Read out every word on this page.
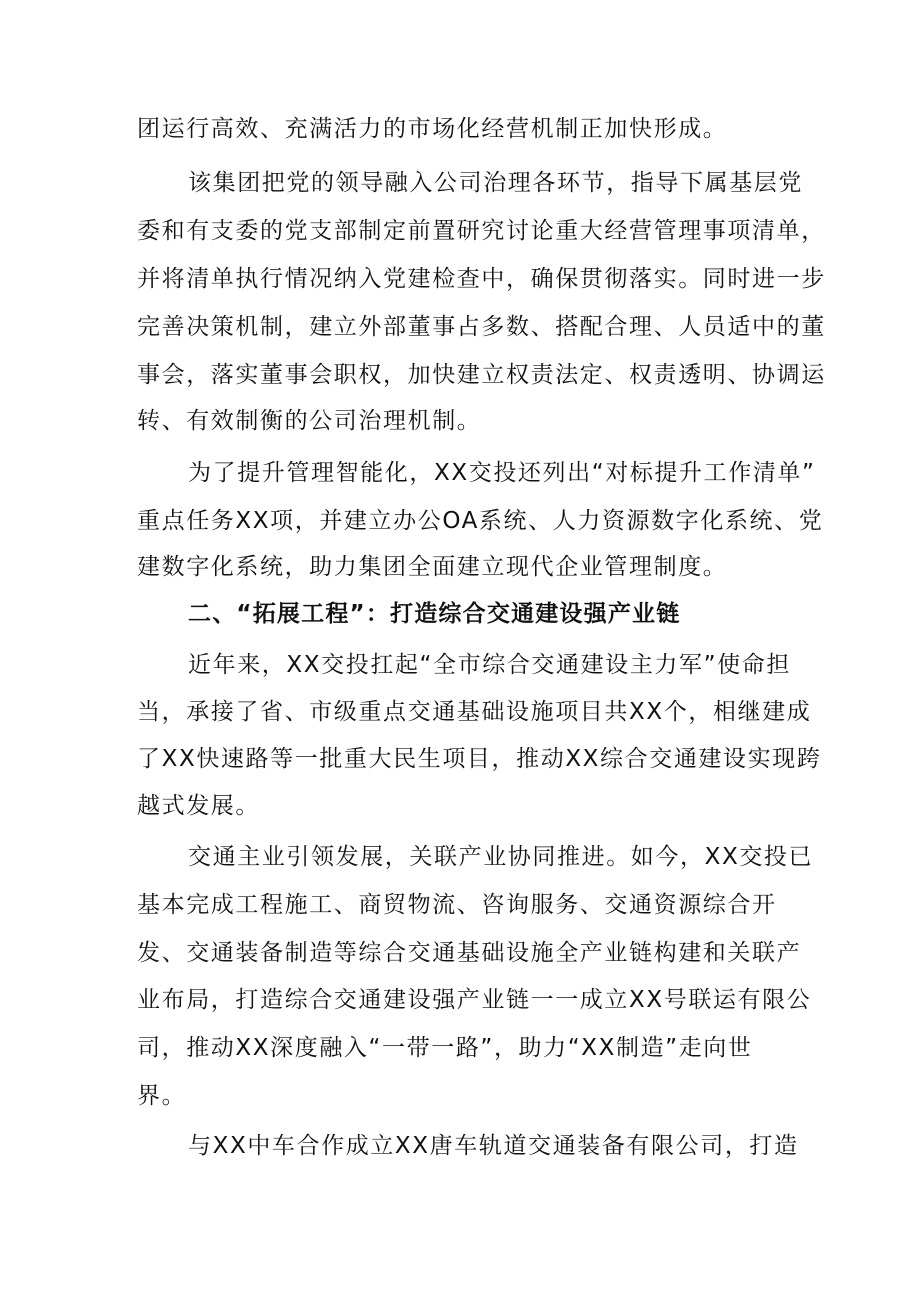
团运行高效、充满活力的市场化经营机制正加快形成。
该集团把党的领导融入公司治理各环节，指导下属基层党
委和有支委的党支部制定前置研究讨论重大经营管理事项清单，
并将清单执行情况纳入党建检查中，确保贯彻落实。同时进一步
完善决策机制，建立外部董事占多数、搭配合理、人员适中的董
事会，落实董事会职权，加快建立权责法定、权责透明、协调运
转、有效制衡的公司治理机制。
为了提升管理智能化，XX交投还列出“对标提升工作清单”
重点任务XX项，并建立办公OA系统、人力资源数字化系统、党
建数字化系统，助力集团全面建立现代企业管理制度。
二、“拓展工程”：打造综合交通建设强产业链
近年来，XX交投扛起“全市综合交通建设主力军”使命担
当，承接了省、市级重点交通基础设施项目共XX个，相继建成
了XX快速路等一批重大民生项目，推动XX综合交通建设实现跨
越式发展。
交通主业引领发展，关联产业协同推进。如今，XX交投已
基本完成工程施工、商贸物流、咨询服务、交通资源综合开
发、交通装备制造等综合交通基础设施全产业链构建和关联产
业布局，打造综合交通建设强产业链一一成立XX号联运有限公
司，推动XX深度融入“一带一路”，助力“XX制造”走向世
界。
与XX中车合作成立XX唐车轨道交通装备有限公司，打造
